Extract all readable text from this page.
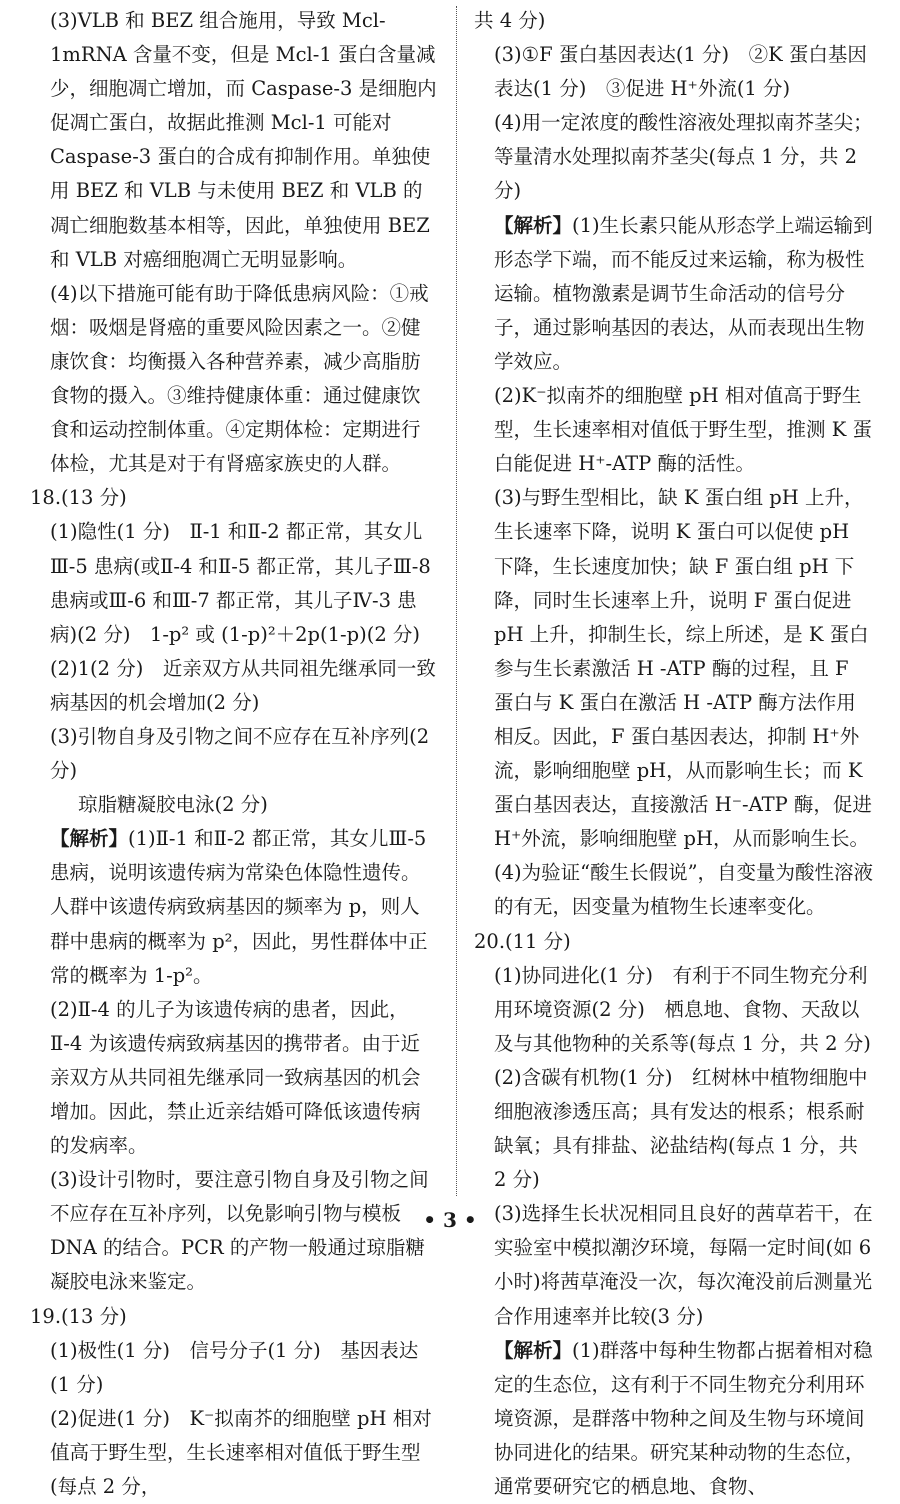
(3)VLB 和 BEZ 组合施用，导致 Mcl-1mRNA 含量不变，但是 Mcl-1 蛋白含量减少，细胞凋亡增加，而 Caspase-3 是细胞内促凋亡蛋白，故据此推测 Mcl-1 可能对 Caspase-3 蛋白的合成有抑制作用。单独使用 BEZ 和 VLB 与未使用 BEZ 和 VLB 的凋亡细胞数基本相等，因此，单独使用 BEZ 和 VLB 对癌细胞凋亡无明显影响。

(4)以下措施可能有助于降低患病风险：①戒烟：吸烟是肾癌的重要风险因素之一。②健康饮食：均衡摄入各种营养素，减少高脂肪食物的摄入。③维持健康体重：通过健康饮食和运动控制体重。④定期体检：定期进行体检，尤其是对于有肾癌家族史的人群。

18.(13 分)

(1)隐性(1 分)　Ⅱ-1 和Ⅱ-2 都正常，其女儿Ⅲ-5 患病(或Ⅱ-4 和Ⅱ-5 都正常，其儿子Ⅲ-8 患病或Ⅲ-6 和Ⅲ-7 都正常，其儿子Ⅳ-3 患病)(2 分)　1-p² 或 (1-p)²＋2p(1-p)(2 分)

(2)1(2 分)　近亲双方从共同祖先继承同一致病基因的机会增加(2 分)

(3)引物自身及引物之间不应存在互补序列(2 分)

琼脂糖凝胶电泳(2 分)

【解析】(1)Ⅱ-1 和Ⅱ-2 都正常，其女儿Ⅲ-5 患病，说明该遗传病为常染色体隐性遗传。人群中该遗传病致病基因的频率为 p，则人群中患病的概率为 p²，因此，男性群体中正常的概率为 1-p²。

(2)Ⅱ-4 的儿子为该遗传病的患者，因此，Ⅱ-4 为该遗传病致病基因的携带者。由于近亲双方从共同祖先继承同一致病基因的机会增加。因此，禁止近亲结婚可降低该遗传病的发病率。

(3)设计引物时，要注意引物自身及引物之间不应存在互补序列，以免影响引物与模板 DNA 的结合。PCR 的产物一般通过琼脂糖凝胶电泳来鉴定。

19.(13 分)

(1)极性(1 分)　信号分子(1 分)　基因表达(1 分)

(2)促进(1 分)　K⁻拟南芥的细胞壁 pH 相对值高于野生型，生长速率相对值低于野生型(每点 2 分，

共 4 分)

(3)①F 蛋白基因表达(1 分)　②K 蛋白基因表达(1 分)　③促进 H⁺外流(1 分)

(4)用一定浓度的酸性溶液处理拟南芥茎尖；等量清水处理拟南芥茎尖(每点 1 分，共 2 分)

【解析】(1)生长素只能从形态学上端运输到形态学下端，而不能反过来运输，称为极性运输。植物激素是调节生命活动的信号分子，通过影响基因的表达，从而表现出生物学效应。

(2)K⁻拟南芥的细胞壁 pH 相对值高于野生型，生长速率相对值低于野生型，推测 K 蛋白能促进 H⁺-ATP 酶的活性。

(3)与野生型相比，缺 K 蛋白组 pH 上升，生长速率下降，说明 K 蛋白可以促使 pH 下降，生长速度加快；缺 F 蛋白组 pH 下降，同时生长速率上升，说明 F 蛋白促进 pH 上升，抑制生长，综上所述，是 K 蛋白参与生长素激活 H -ATP 酶的过程，且 F 蛋白与 K 蛋白在激活 H -ATP 酶方法作用相反。因此，F 蛋白基因表达，抑制 H⁺外流，影响细胞壁 pH，从而影响生长；而 K 蛋白基因表达，直接激活 H⁻-ATP 酶，促进 H⁺外流，影响细胞壁 pH，从而影响生长。

(4)为验证“酸生长假说”，自变量为酸性溶液的有无，因变量为植物生长速率变化。

20.(11 分)

(1)协同进化(1 分)　有利于不同生物充分利用环境资源(2 分)　栖息地、食物、天敌以及与其他物种的关系等(每点 1 分，共 2 分)

(2)含碳有机物(1 分)　红树林中植物细胞中细胞液渗透压高；具有发达的根系；根系耐缺氧；具有排盐、泌盐结构(每点 1 分，共 2 分)

(3)选择生长状况相同且良好的茜草若干，在实验室中模拟潮汐环境，每隔一定时间(如 6 小时)将茜草淹没一次，每次淹没前后测量光合作用速率并比较(3 分)

【解析】(1)群落中每种生物都占据着相对稳定的生态位，这有利于不同生物充分利用环境资源，是群落中物种之间及生物与环境间协同进化的结果。研究某种动物的生态位，通常要研究它的栖息地、食物、

• 3 •
